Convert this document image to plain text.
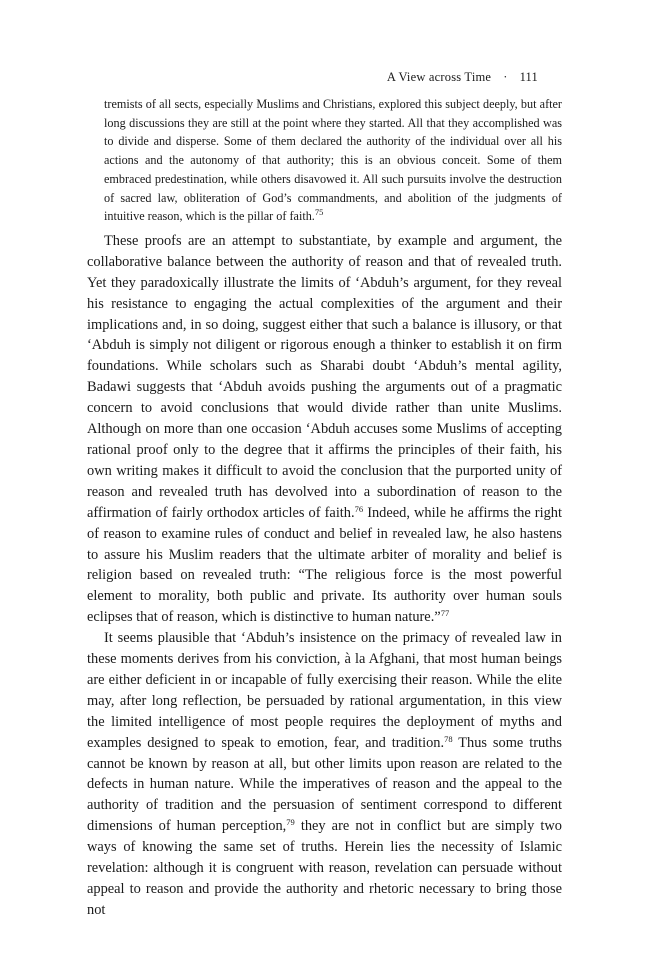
A View across Time · 111

tremists of all sects, especially Muslims and Christians, explored this subject deeply, but after long discussions they are still at the point where they started. All that they accomplished was to divide and disperse. Some of them declared the authority of the individual over all his actions and the autonomy of that authority; this is an obvious conceit. Some of them embraced predestination, while others disavowed it. All such pursuits involve the destruction of sacred law, obliteration of God’s commandments, and abolition of the judgments of intuitive reason, which is the pillar of faith.$^{75}$

These proofs are an attempt to substantiate, by example and argument, the collaborative balance between the authority of reason and that of revealed truth. Yet they paradoxically illustrate the limits of ‘Abduh’s argument, for they reveal his resistance to engaging the actual complexities of the argument and their implications and, in so doing, suggest either that such a balance is illusory, or that ‘Abduh is simply not diligent or rigorous enough a thinker to establish it on firm foundations. While scholars such as Sharabi doubt ‘Abduh’s mental agility, Badawi suggests that ‘Abduh avoids pushing the arguments out of a pragmatic concern to avoid conclusions that would divide rather than unite Muslims. Although on more than one occasion ‘Abduh accuses some Muslims of accepting rational proof only to the degree that it affirms the principles of their faith, his own writing makes it difficult to avoid the conclusion that the purported unity of reason and revealed truth has devolved into a subordination of reason to the affirmation of fairly orthodox articles of faith.$^{76}$ Indeed, while he affirms the right of reason to examine rules of conduct and belief in revealed law, he also hastens to assure his Muslim readers that the ultimate arbiter of morality and belief is religion based on revealed truth: “The religious force is the most powerful element to morality, both public and private. Its authority over human souls eclipses that of reason, which is distinctive to human nature.”$^{77}$

It seems plausible that ‘Abduh’s insistence on the primacy of revealed law in these moments derives from his conviction, à la Afghani, that most human beings are either deficient in or incapable of fully exercising their reason. While the elite may, after long reflection, be persuaded by rational argumentation, in this view the limited intelligence of most people requires the deployment of myths and examples designed to speak to emotion, fear, and tradition.$^{78}$ Thus some truths cannot be known by reason at all, but other limits upon reason are related to the defects in human nature. While the imperatives of reason and the appeal to the authority of tradition and the persuasion of sentiment correspond to different dimensions of human perception,$^{79}$ they are not in conflict but are simply two ways of knowing the same set of truths. Herein lies the necessity of Islamic revelation: although it is congruent with reason, revelation can persuade without appeal to reason and provide the authority and rhetoric necessary to bring those not
